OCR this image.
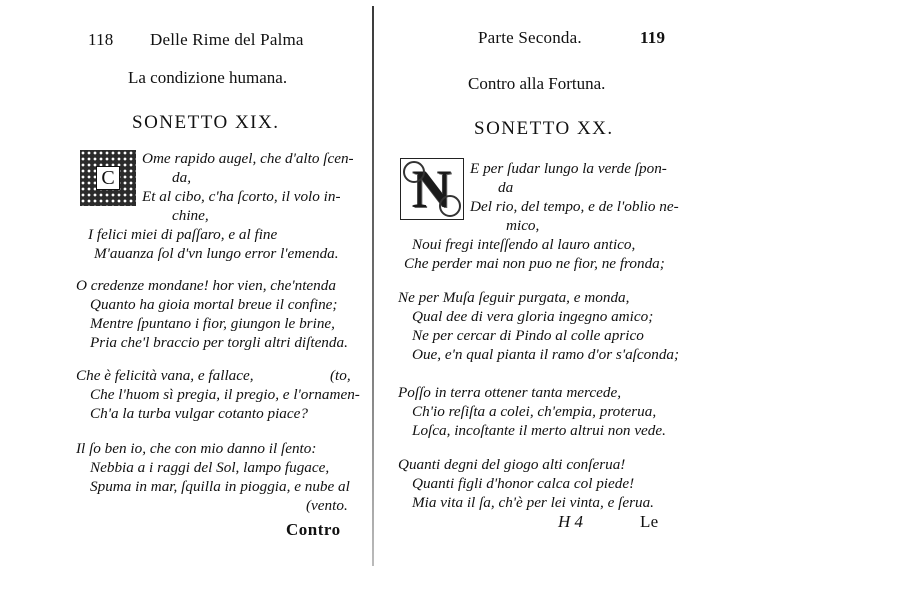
118 Delle Rime del Palma
La condizione humana.
SONETTO XIX.
C
Ome rapido augel, che d'alto ſcen-
da,
Et al cibo, c'ha ſcorto, il volo in-
chine,
I felici miei di paſſaro, e al fine
M'auanza ſol d'vn lungo error l'emenda.
O credenze mondane! hor vien, che'ntenda
Quanto ha gioia mortal breue il confine;
Mentre ſpuntano i fior, giungon le brine,
Pria che'l braccio per torgli altri diſtenda.
Che è felicità vana, e fallace,	(to,
Che l'huom sì pregia, il pregio, e l'ornamen-
Ch'a la turba vulgar cotanto piace?
Il ſo ben io, che con mio danno il ſento:
Nebbia a i raggi del Sol, lampo fugace,
Spuma in mar, ſquilla in pioggia, e nube al
(vento.
Contro
Parte Seconda.	119
Contro alla Fortuna.
SONETTO XX.
N E per ſudar lungo la verde ſpon-
da
Del rio, del tempo, e de l'oblio ne-
mico,
Noui fregi inteſſendo al lauro antico,
Che perder mai non puo ne fior, ne fronda;
Ne per Muſa ſeguir purgata, e monda,
Qual dee di vera gloria ingegno amico;
Ne per cercar di Pindo al colle aprico
Oue, e'n qual pianta il ramo d'or s'aſconda;
Poſſo in terra ottener tanta mercede,
Ch'io reſiſta a colei, ch'empia, proterua,
Loſca, incoſtante il merto altrui non vede.
Quanti degni del giogo alti conſerua!
Quanti figli d'honor calca col piede!
Mia vita il ſa, ch'è per lei vinta, e ſerua.
H 4	Le
